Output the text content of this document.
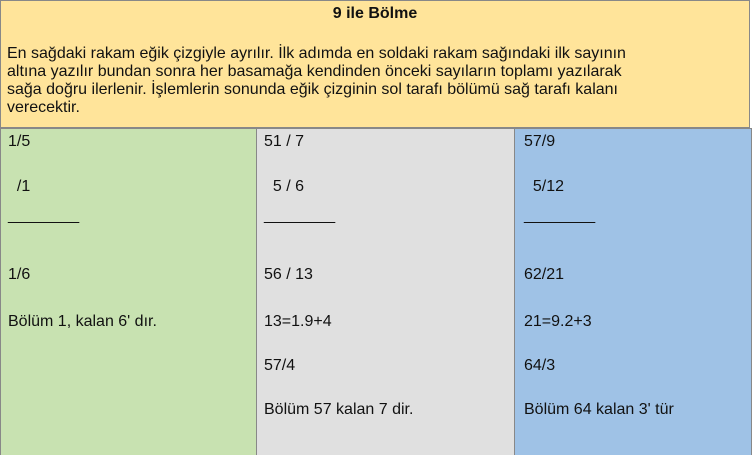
9 ile Bölme
En sağdaki rakam eğik çizgiyle ayrılır. İlk adımda en soldaki rakam sağındaki ilk sayının
altına yazılır bundan sonra her basamağa kendinden önceki sayıların toplamı yazılarak
sağa doğru ilerlenir. İşlemlerin sonunda eğik çizginin sol tarafı bölümü sağ tarafı kalanı
verecektir.
1/5
/1
________
1/6
Bölüm 1, kalan 6' dır.
51 / 7
5 / 6
________
56 / 13
13=1.9+4
57/4
Bölüm 57 kalan 7 dir.
57/9
5/12
________
62/21
21=9.2+3
64/3
Bölüm 64 kalan 3' tür
